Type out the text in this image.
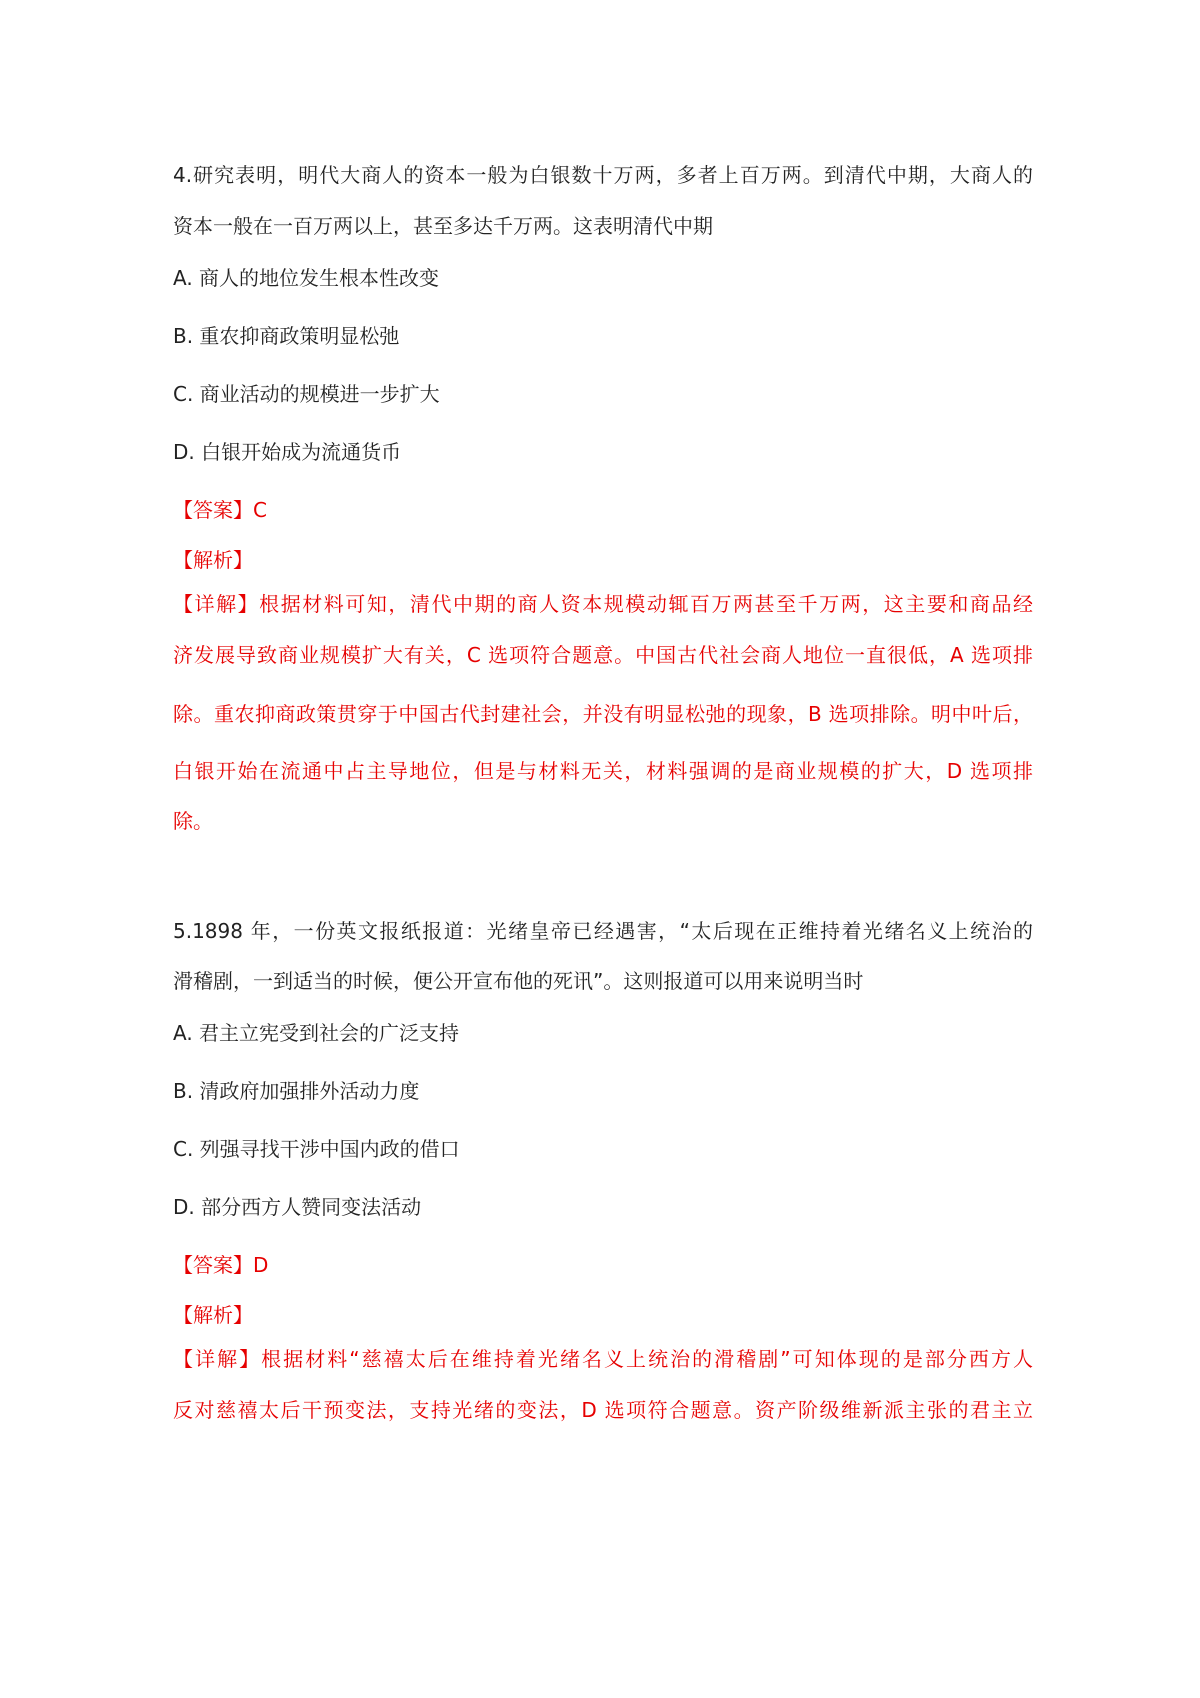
4.研究表明，明代大商人的资本一般为白银数十万两，多者上百万两。到清代中期，大商人的

资本一般在一百万两以上，甚至多达千万两。这表明清代中期

A. 商人的地位发生根本性改变

B. 重农抑商政策明显松弛

C. 商业活动的规模进一步扩大

D. 白银开始成为流通货币

【答案】C

【解析】

【详解】根据材料可知，清代中期的商人资本规模动辄百万两甚至千万两，这主要和商品经

济发展导致商业规模扩大有关，C 选项符合题意。中国古代社会商人地位一直很低，A 选项排

除。重农抑商政策贯穿于中国古代封建社会，并没有明显松弛的现象，B 选项排除。明中叶后，

白银开始在流通中占主导地位，但是与材料无关，材料强调的是商业规模的扩大，D 选项排

除。

5.1898 年，一份英文报纸报道：光绪皇帝已经遇害，“太后现在正维持着光绪名义上统治的

滑稽剧，一到适当的时候，便公开宣布他的死讯”。这则报道可以用来说明当时

A. 君主立宪受到社会的广泛支持

B. 清政府加强排外活动力度

C. 列强寻找干涉中国内政的借口

D. 部分西方人赞同变法活动

【答案】D

【解析】

【详解】根据材料“慈禧太后在维持着光绪名义上统治的滑稽剧”可知体现的是部分西方人

反对慈禧太后干预变法，支持光绪的变法，D 选项符合题意。资产阶级维新派主张的君主立
